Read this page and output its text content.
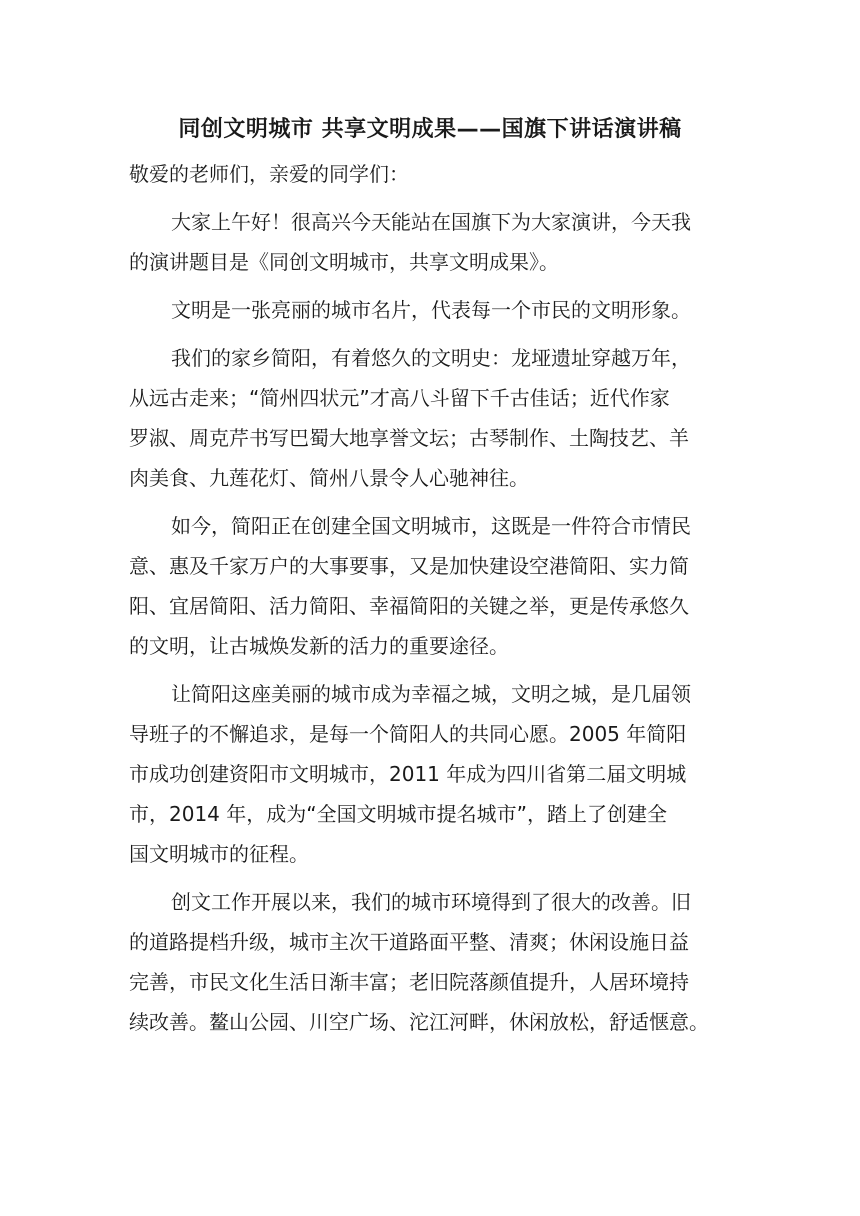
同创文明城市 共享文明成果——国旗下讲话演讲稿

敬爱的老师们，亲爱的同学们：

大家上午好！很高兴今天能站在国旗下为大家演讲，今天我
的演讲题目是《同创文明城市，共享文明成果》。
文明是一张亮丽的城市名片，代表每一个市民的文明形象。
我们的家乡简阳，有着悠久的文明史：龙垭遗址穿越万年，
从远古走来；“简州四状元”才高八斗留下千古佳话；近代作家
罗淑、周克芹书写巴蜀大地享誉文坛；古琴制作、土陶技艺、羊
肉美食、九莲花灯、简州八景令人心驰神往。
如今，简阳正在创建全国文明城市，这既是一件符合市情民
意、惠及千家万户的大事要事，又是加快建设空港简阳、实力简
阳、宜居简阳、活力简阳、幸福简阳的关键之举，更是传承悠久
的文明，让古城焕发新的活力的重要途径。
让简阳这座美丽的城市成为幸福之城，文明之城，是几届领
导班子的不懈追求，是每一个简阳人的共同心愿。2005 年简阳
市成功创建资阳市文明城市，2011 年成为四川省第二届文明城
市，2014 年，成为“全国文明城市提名城市”，踏上了创建全
国文明城市的征程。
创文工作开展以来，我们的城市环境得到了很大的改善。旧
的道路提档升级，城市主次干道路面平整、清爽；休闲设施日益
完善，市民文化生活日渐丰富；老旧院落颜值提升，人居环境持
续改善。鳌山公园、川空广场、沱江河畔，休闲放松，舒适惬意。
